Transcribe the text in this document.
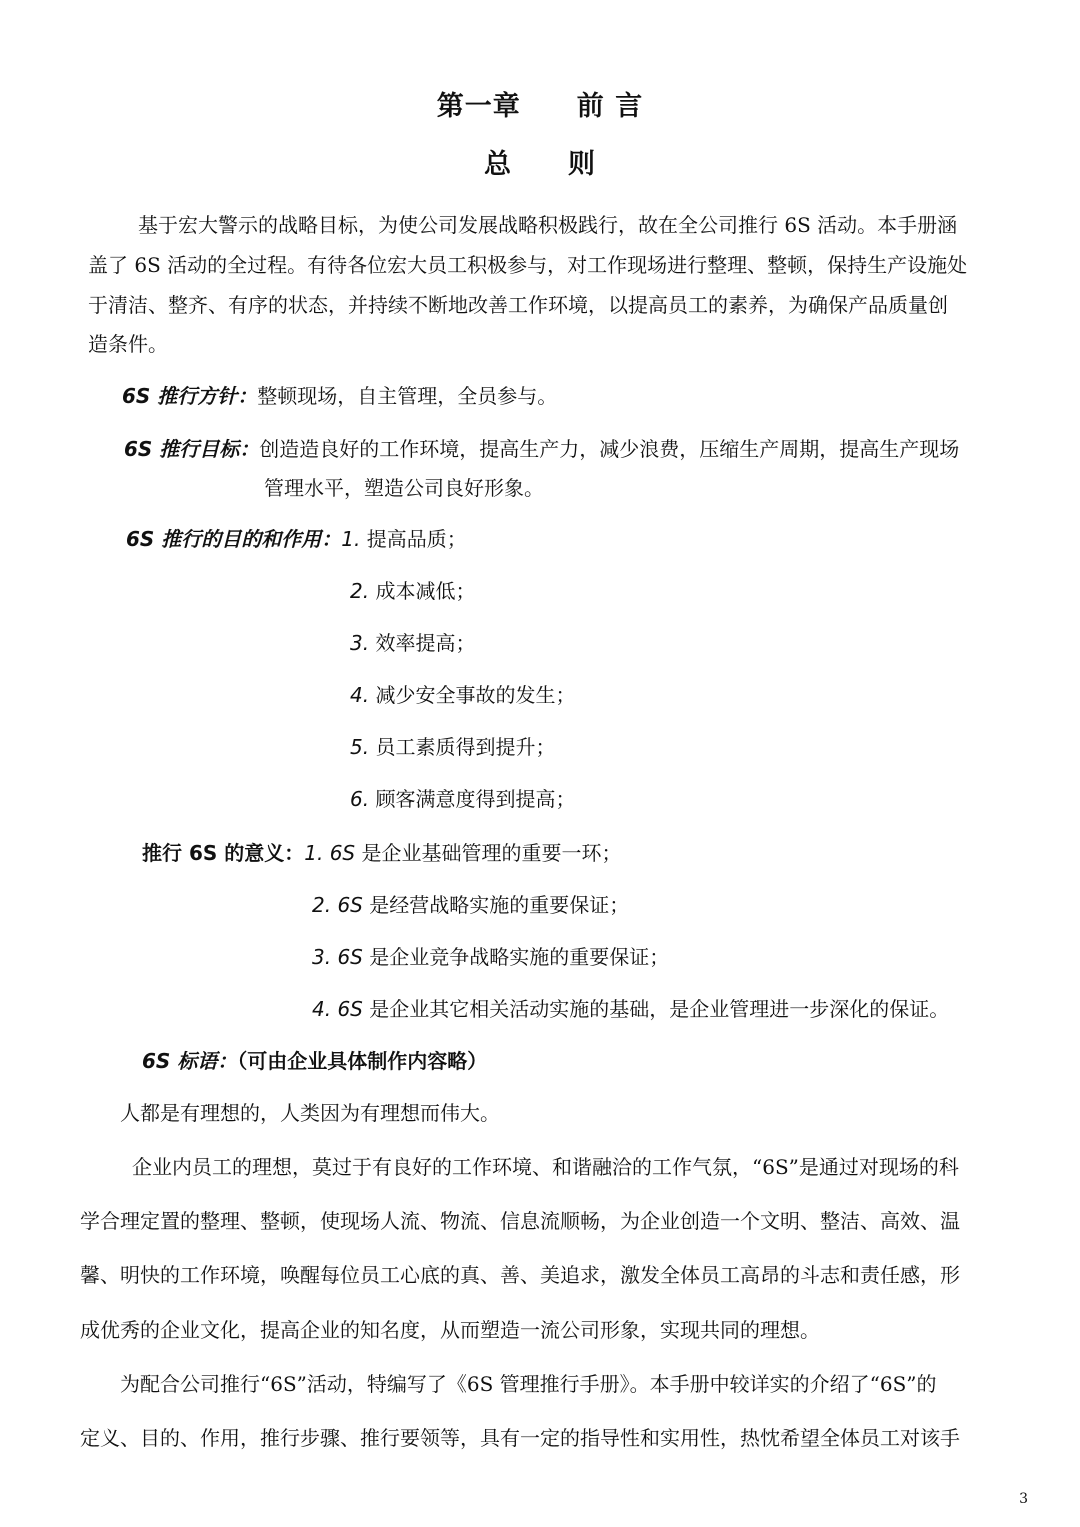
第一章　　前 言
总　　则
基于宏大警示的战略目标，为使公司发展战略积极践行，故在全公司推行 6S 活动。本手册涵
盖了 6S 活动的全过程。有待各位宏大员工积极参与，对工作现场进行整理、整顿，保持生产设施处
于清洁、整齐、有序的状态，并持续不断地改善工作环境，以提高员工的素养，为确保产品质量创
造条件。
6S 推行方针：整顿现场，自主管理，全员参与。
6S 推行目标：创造造良好的工作环境，提高生产力，减少浪费，压缩生产周期，提高生产现场
管理水平，塑造公司良好形象。
6S 推行的目的和作用：1. 提高品质；
2. 成本减低；
3. 效率提高；
4. 减少安全事故的发生；
5. 员工素质得到提升；
6. 顾客满意度得到提高；
推行 6S 的意义：1. 6S 是企业基础管理的重要一环；
2. 6S 是经营战略实施的重要保证；
3. 6S 是企业竞争战略实施的重要保证；
4. 6S 是企业其它相关活动实施的基础，是企业管理进一步深化的保证。
6S 标语：（可由企业具体制作内容略）
人都是有理想的，人类因为有理想而伟大。
企业内员工的理想，莫过于有良好的工作环境、和谐融洽的工作气氛，“6S”是通过对现场的科
学合理定置的整理、整顿，使现场人流、物流、信息流顺畅，为企业创造一个文明、整洁、高效、温
馨、明快的工作环境，唤醒每位员工心底的真、善、美追求，激发全体员工高昂的斗志和责任感，形
成优秀的企业文化，提高企业的知名度，从而塑造一流公司形象，实现共同的理想。
为配合公司推行“6S”活动，特编写了《6S 管理推行手册》。本手册中较详实的介绍了“6S”的
定义、目的、作用，推行步骤、推行要领等，具有一定的指导性和实用性，热忱希望全体员工对该手
3
